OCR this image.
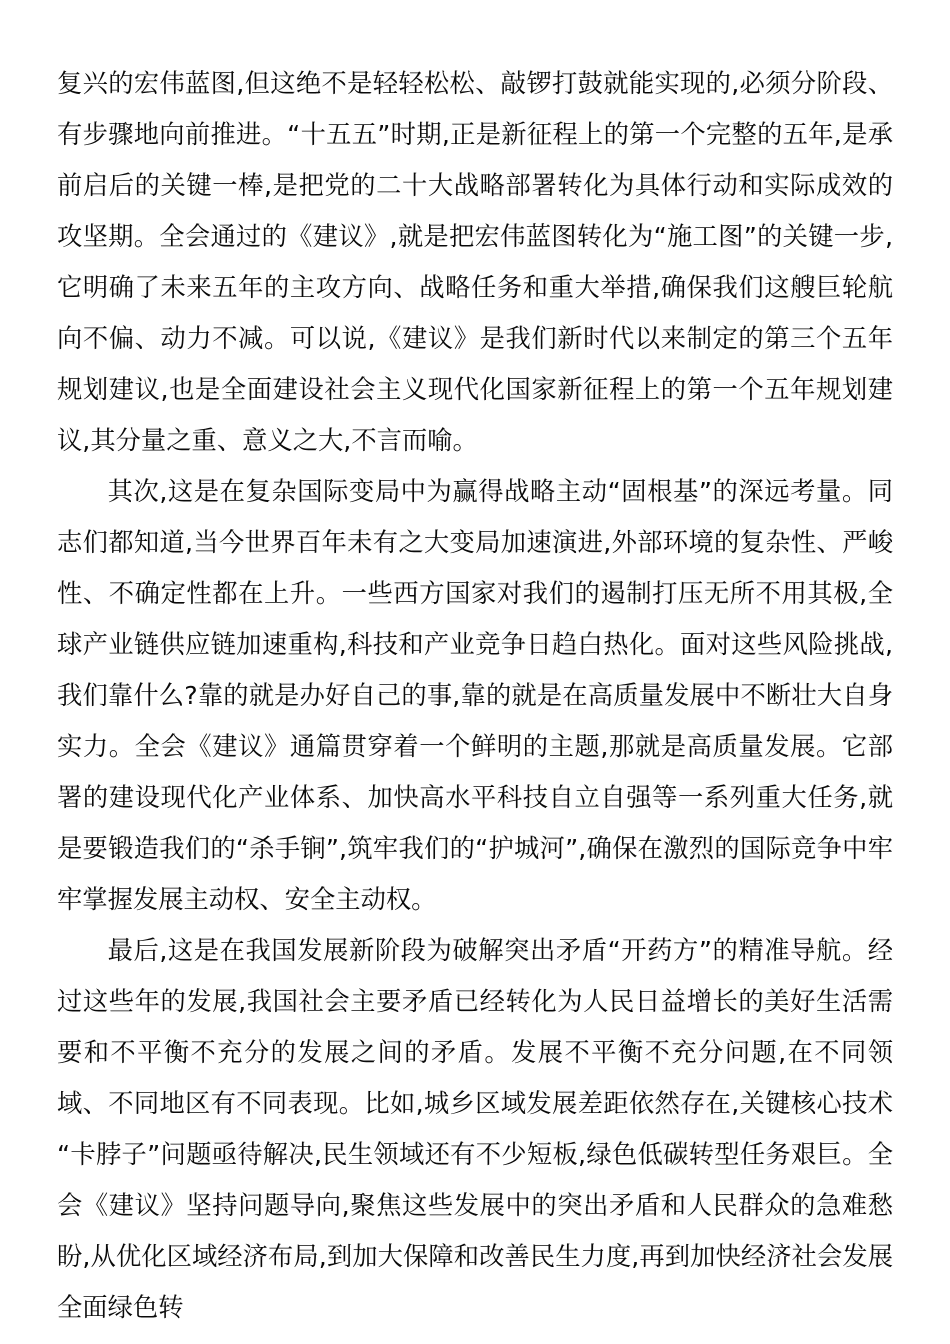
复兴的宏伟蓝图,但这绝不是轻轻松松、敲锣打鼓就能实现的,必须分阶段、有步骤地向前推进。“十五五”时期,正是新征程上的第一个完整的五年,是承前启后的关键一棒,是把党的二十大战略部署转化为具体行动和实际成效的攻坚期。全会通过的《建议》,就是把宏伟蓝图转化为“施工图”的关键一步,它明确了未来五年的主攻方向、战略任务和重大举措,确保我们这艘巨轮航向不偏、动力不减。可以说,《建议》是我们新时代以来制定的第三个五年规划建议,也是全面建设社会主义现代化国家新征程上的第一个五年规划建议,其分量之重、意义之大,不言而喻。

其次,这是在复杂国际变局中为赢得战略主动“固根基”的深远考量。同志们都知道,当今世界百年未有之大变局加速演进,外部环境的复杂性、严峻性、不确定性都在上升。一些西方国家对我们的遏制打压无所不用其极,全球产业链供应链加速重构,科技和产业竞争日趋白热化。面对这些风险挑战,我们靠什么?靠的就是办好自己的事,靠的就是在高质量发展中不断壮大自身实力。全会《建议》通篇贯穿着一个鲜明的主题,那就是高质量发展。它部署的建设现代化产业体系、加快高水平科技自立自强等一系列重大任务,就是要锻造我们的“杀手锏”,筑牢我们的“护城河”,确保在激烈的国际竞争中牢牢掌握发展主动权、安全主动权。

最后,这是在我国发展新阶段为破解突出矛盾“开药方”的精准导航。经过这些年的发展,我国社会主要矛盾已经转化为人民日益增长的美好生活需要和不平衡不充分的发展之间的矛盾。发展不平衡不充分问题,在不同领域、不同地区有不同表现。比如,城乡区域发展差距依然存在,关键核心技术“卡脖子”问题亟待解决,民生领域还有不少短板,绿色低碳转型任务艰巨。全会《建议》坚持问题导向,聚焦这些发展中的突出矛盾和人民群众的急难愁盼,从优化区域经济布局,到加大保障和改善民生力度,再到加快经济社会发展全面绿色转
